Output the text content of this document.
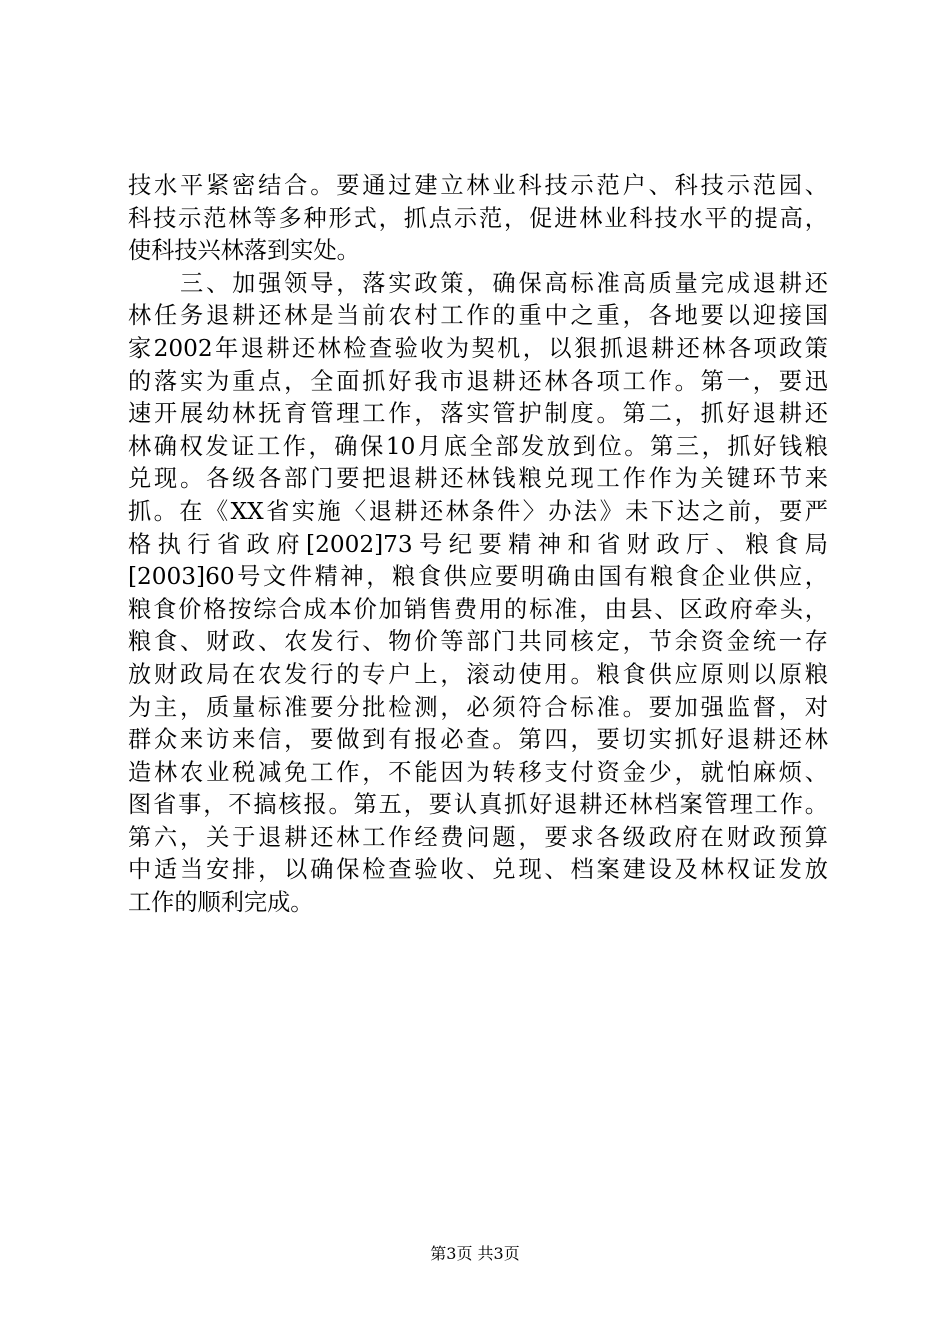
技水平紧密结合。要通过建立林业科技示范户、科技示范园、
科技示范林等多种形式，抓点示范，促进林业科技水平的提高，
使科技兴林落到实处。
　　三、加强领导，落实政策，确保高标准高质量完成退耕还
林任务退耕还林是当前农村工作的重中之重，各地要以迎接国
家2002年退耕还林检查验收为契机，以狠抓退耕还林各项政策
的落实为重点，全面抓好我市退耕还林各项工作。第一，要迅
速开展幼林抚育管理工作，落实管护制度。第二，抓好退耕还
林确权发证工作，确保10月底全部发放到位。第三，抓好钱粮
兑现。各级各部门要把退耕还林钱粮兑现工作作为关键环节来
抓。在《XX省实施〈退耕还林条件〉办法》未下达之前，要严
格执行省政府[2002]73号纪要精神和省财政厅、粮食局
[2003]60号文件精神，粮食供应要明确由国有粮食企业供应，
粮食价格按综合成本价加销售费用的标准，由县、区政府牵头，
粮食、财政、农发行、物价等部门共同核定，节余资金统一存
放财政局在农发行的专户上，滚动使用。粮食供应原则以原粮
为主，质量标准要分批检测，必须符合标准。要加强监督，对
群众来访来信，要做到有报必查。第四，要切实抓好退耕还林
造林农业税减免工作，不能因为转移支付资金少，就怕麻烦、
图省事，不搞核报。第五，要认真抓好退耕还林档案管理工作。
第六，关于退耕还林工作经费问题，要求各级政府在财政预算
中适当安排，以确保检查验收、兑现、档案建设及林权证发放
工作的顺利完成。
第3页 共3页
